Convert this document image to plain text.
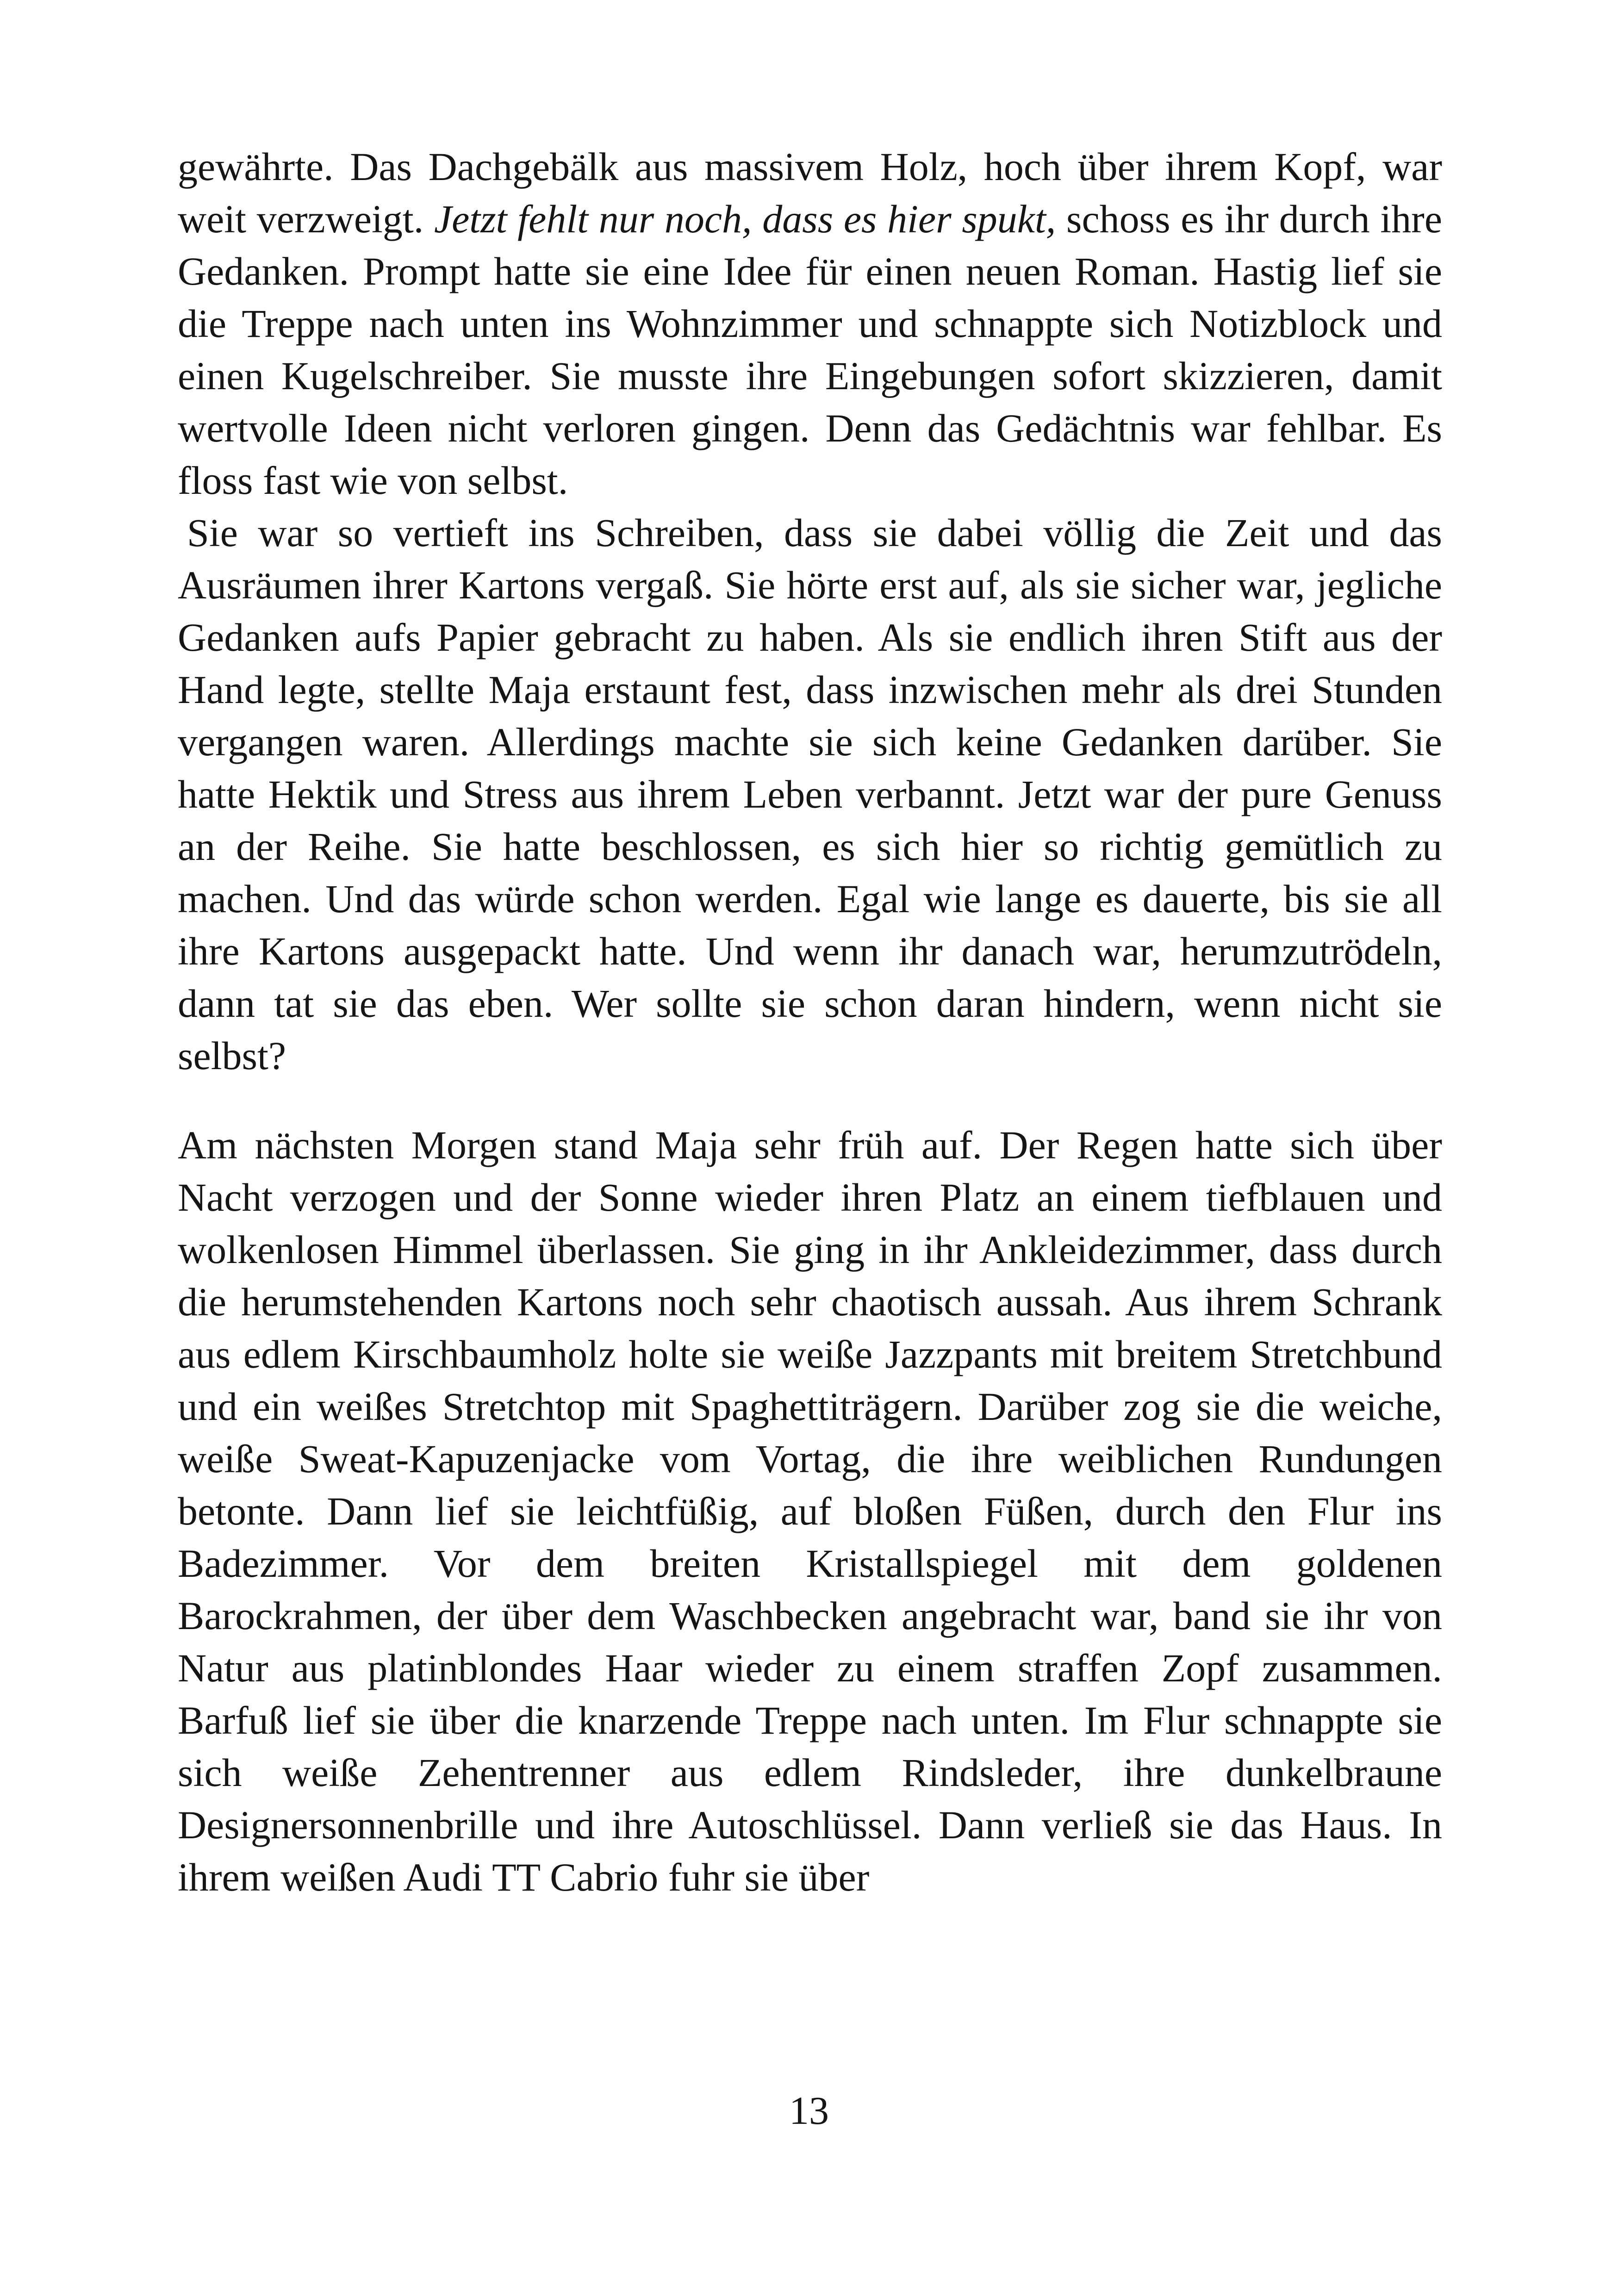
gewährte. Das Dachgebälk aus massivem Holz, hoch über ihrem Kopf, war weit verzweigt. Jetzt fehlt nur noch, dass es hier spukt, schoss es ihr durch ihre Gedanken. Prompt hatte sie eine Idee für einen neuen Roman. Hastig lief sie die Treppe nach unten ins Wohnzimmer und schnappte sich Notizblock und einen Kugelschreiber. Sie musste ihre Eingebungen sofort skizzieren, damit wertvolle Ideen nicht verloren gingen. Denn das Gedächtnis war fehlbar. Es floss fast wie von selbst.

Sie war so vertieft ins Schreiben, dass sie dabei völlig die Zeit und das Ausräumen ihrer Kartons vergaß. Sie hörte erst auf, als sie sicher war, jegliche Gedanken aufs Papier gebracht zu haben. Als sie endlich ihren Stift aus der Hand legte, stellte Maja erstaunt fest, dass inzwischen mehr als drei Stunden vergangen waren. Allerdings machte sie sich keine Gedanken darüber. Sie hatte Hektik und Stress aus ihrem Leben verbannt. Jetzt war der pure Genuss an der Reihe. Sie hatte beschlossen, es sich hier so richtig gemütlich zu machen. Und das würde schon werden. Egal wie lange es dauerte, bis sie all ihre Kartons ausgepackt hatte. Und wenn ihr danach war, herumzutrödeln, dann tat sie das eben. Wer sollte sie schon daran hindern, wenn nicht sie selbst?

Am nächsten Morgen stand Maja sehr früh auf. Der Regen hatte sich über Nacht verzogen und der Sonne wieder ihren Platz an einem tiefblauen und wolkenlosen Himmel überlassen. Sie ging in ihr Ankleidezimmer, dass durch die herumstehenden Kartons noch sehr chaotisch aussah. Aus ihrem Schrank aus edlem Kirschbaumholz holte sie weiße Jazzpants mit breitem Stretchbund und ein weißes Stretchtop mit Spaghettiträgern. Darüber zog sie die weiche, weiße Sweat-Kapuzenjacke vom Vortag, die ihre weiblichen Rundungen betonte. Dann lief sie leichtfüßig, auf bloßen Füßen, durch den Flur ins Badezimmer. Vor dem breiten Kristallspiegel mit dem goldenen Barockrahmen, der über dem Waschbecken angebracht war, band sie ihr von Natur aus platinblondes Haar wieder zu einem straffen Zopf zusammen. Barfuß lief sie über die knarzende Treppe nach unten. Im Flur schnappte sie sich weiße Zehentrenner aus edlem Rindsleder, ihre dunkelbraune Designersonnenbrille und ihre Autoschlüssel. Dann verließ sie das Haus. In ihrem weißen Audi TT Cabrio fuhr sie über

13
